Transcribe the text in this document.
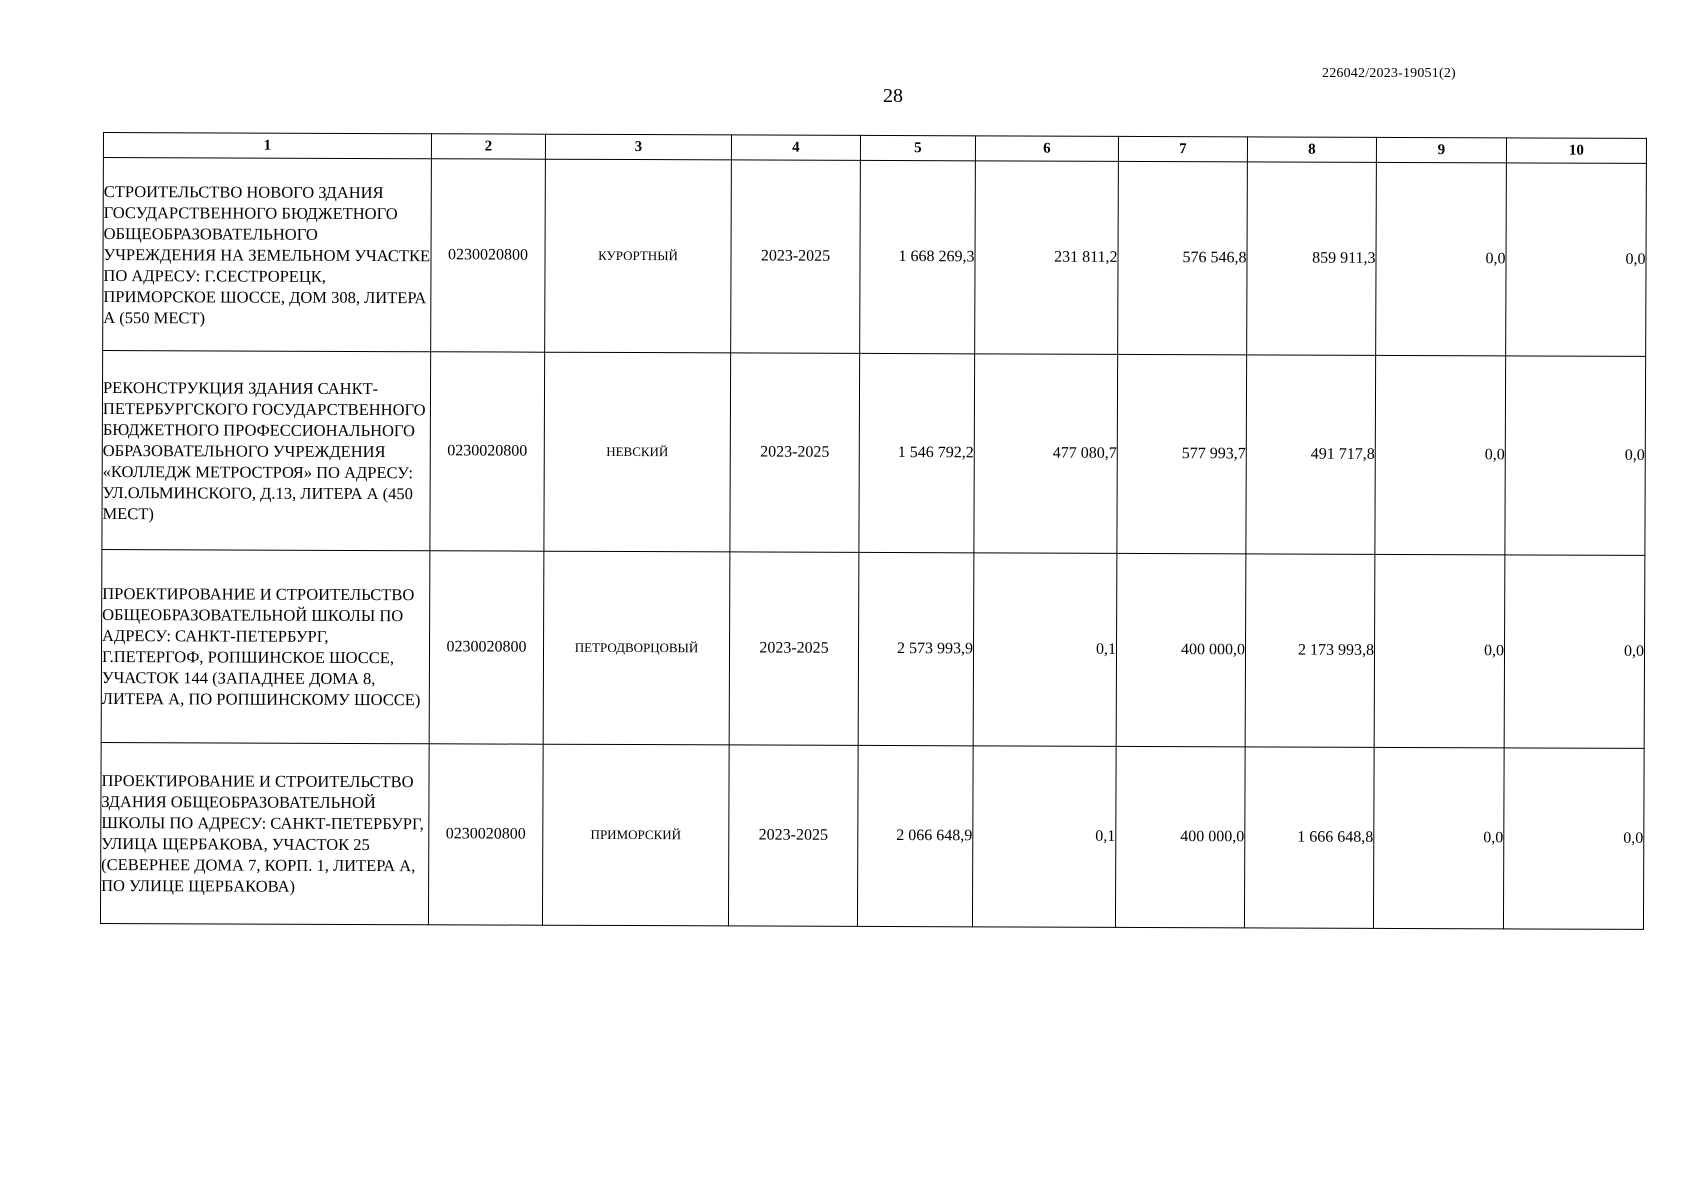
226042/2023-19051(2)
28
1	2	3	4	5	6	7	8	9	10
СТРОИТЕЛЬСТВО НОВОГО ЗДАНИЯ ГОСУДАРСТВЕННОГО БЮДЖЕТНОГО ОБЩЕОБРАЗОВАТЕЛЬНОГО УЧРЕЖДЕНИЯ НА ЗЕМЕЛЬНОМ УЧАСТКЕ ПО АДРЕСУ: Г.СЕСТРОРЕЦК, ПРИМОРСКОЕ ШОССЕ, ДОМ 308, ЛИТЕРА А (550 МЕСТ)	0230020800	КУРОРТНЫЙ	2023-2025	1 668 269,3	231 811,2	576 546,8	859 911,3	0,0	0,0
РЕКОНСТРУКЦИЯ ЗДАНИЯ САНКТ-ПЕТЕРБУРГСКОГО ГОСУДАРСТВЕННОГО БЮДЖЕТНОГО ПРОФЕССИОНАЛЬНОГО ОБРАЗОВАТЕЛЬНОГО УЧРЕЖДЕНИЯ «КОЛЛЕДЖ МЕТРОСТРОЯ» ПО АДРЕСУ: УЛ.ОЛЬМИНСКОГО, Д.13, ЛИТЕРА А (450 МЕСТ)	0230020800	НЕВСКИЙ	2023-2025	1 546 792,2	477 080,7	577 993,7	491 717,8	0,0	0,0
ПРОЕКТИРОВАНИЕ И СТРОИТЕЛЬСТВО ОБЩЕОБРАЗОВАТЕЛЬНОЙ ШКОЛЫ ПО АДРЕСУ: САНКТ-ПЕТЕРБУРГ, Г.ПЕТЕРГОФ, РОПШИНСКОЕ ШОССЕ, УЧАСТОК 144 (ЗАПАДНЕЕ ДОМА 8, ЛИТЕРА А, ПО РОПШИНСКОМУ ШОССЕ)	0230020800	ПЕТРОДВОРЦОВЫЙ	2023-2025	2 573 993,9	0,1	400 000,0	2 173 993,8	0,0	0,0
ПРОЕКТИРОВАНИЕ И СТРОИТЕЛЬСТВО ЗДАНИЯ ОБЩЕОБРАЗОВАТЕЛЬНОЙ ШКОЛЫ ПО АДРЕСУ: САНКТ-ПЕТЕРБУРГ, УЛИЦА ЩЕРБАКОВА, УЧАСТОК 25 (СЕВЕРНЕЕ ДОМА 7, КОРП. 1, ЛИТЕРА А, ПО УЛИЦЕ ЩЕРБАКОВА)	0230020800	ПРИМОРСКИЙ	2023-2025	2 066 648,9	0,1	400 000,0	1 666 648,8	0,0	0,0
